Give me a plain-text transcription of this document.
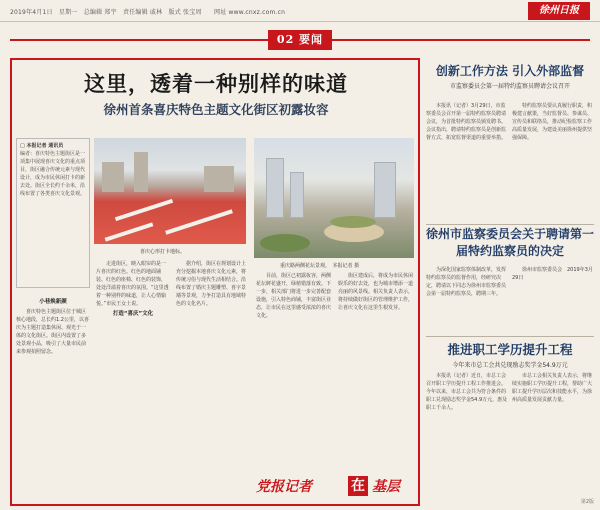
2019年4月1日　星期一　总编辑 郑宇　责任编辑 戚林　版式 张宝周　　网址 www.cnxz.com.cn	徐州日报
02 要闻
这里，透着一种别样的味道
徐州首条喜庆特色主题文化街区初露妆容
□ 本报记者 通讯员
编者：喜庆特色主题街区是一项集中展现喜庆文化的重点项目，街区融合传统元素与现代设计，成为市民休闲打卡的新去处。街区全长约千余米，沿线布置了各类喜庆文化景观。
喜庆心形打卡地标。
重庆路两侧花坛景观。　本报记者 摄

小巷焕新颜

喜庆特色主题街区位于城区核心地段，总长约1.2公里，以喜庆为主题打造集休闲、观光于一体的文化街区。街区内设置了多处景观小品，吸引了大量市民前来参观拍照留念。

走进街区，映入眼帘的是一片喜庆的红色。红色的地面铺装、红色的座椅、红色的装饰，处处洋溢着喜庆的氛围。“这里透着一种别样的味道，让人心情愉悦。”市民王女士说。

打造“喜庆”文化

据介绍，街区在规划设计上充分挖掘本地喜庆文化元素，将传统习俗与现代生活相结合。沿线布置了婚庆主题雕塑、喜字景墙等景观，力争打造具有地域特色的文化名片。

目前，街区已初露妆容，两侧花坛鲜花盛开，绿植错落有致。下一步，相关部门将进一步完善配套设施，引入特色商铺，丰富街区业态，让市民在这里感受浓浓的喜庆文化。

街区建成后，将成为市民休闲娱乐的好去处，也为城市增添一道亮丽的风景线。相关负责人表示，将持续做好街区的管理维护工作，让喜庆文化在这里生根发芽。

党报记者	在 基层
创新工作方法 引入外部监督
市监察委员会第一届特约监察员聘请会议召开

本报讯（记者）3月29日，市监察委员会召开第一届特约监察员聘请会议，为首批特约监察员颁发聘书。会议指出，聘请特约监察员是创新监督方式、拓宽监督渠道的重要举措。

特约监察员要认真履行职责，积极建言献策，当好监督员、参谋员、宣传员和联络员，推动纪检监察工作高质量发展，为建设美丽徐州提供坚强保障。

徐州市监察委员会关于聘请第一届特约监察员的决定

为深化国家监察体制改革，发挥特约监察员的监督作用，经研究决定，聘请以下同志为徐州市监察委员会第一届特约监察员，聘期三年。

徐州市监察委员会　2019年3月29日

推进职工学历提升工程
今年来市总工会共兑现励志奖学金54.9万元

本报讯（记者）近日，市总工会召开职工学历提升工程工作推进会。今年以来，市总工会共为符合条件的职工兑现励志奖学金54.9万元，惠及职工千余人。

市总工会相关负责人表示，将继续实施职工学历提升工程，帮助广大职工提升学历层次和技能水平，为徐州高质量发展贡献力量。

第2版
